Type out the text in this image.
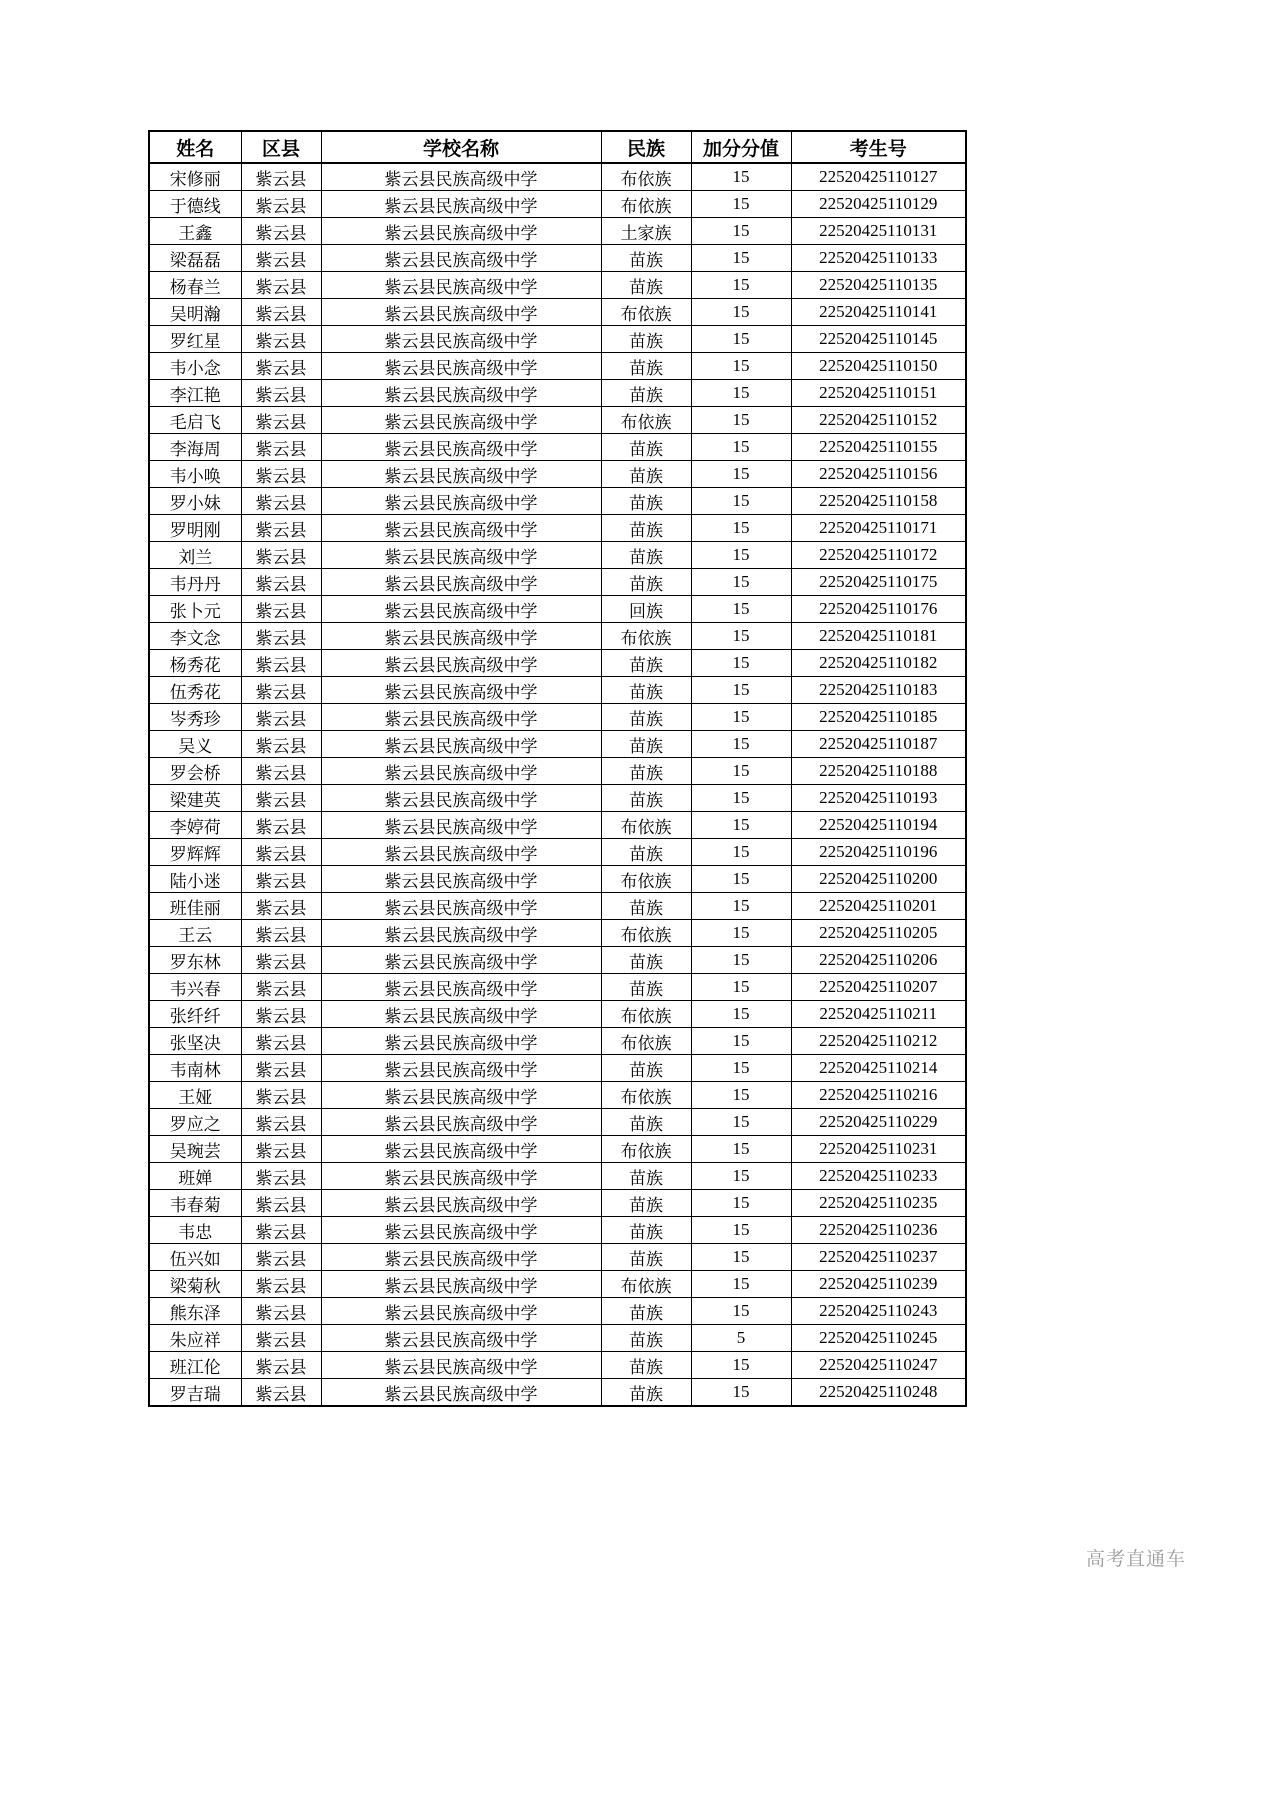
姓名	区县	学校名称	民族	加分分值	考生号
宋修丽	紫云县	紫云县民族高级中学	布依族	15	22520425110127
于德线	紫云县	紫云县民族高级中学	布依族	15	22520425110129
王鑫	紫云县	紫云县民族高级中学	土家族	15	22520425110131
梁磊磊	紫云县	紫云县民族高级中学	苗族	15	22520425110133
杨春兰	紫云县	紫云县民族高级中学	苗族	15	22520425110135
吴明瀚	紫云县	紫云县民族高级中学	布依族	15	22520425110141
罗红星	紫云县	紫云县民族高级中学	苗族	15	22520425110145
韦小念	紫云县	紫云县民族高级中学	苗族	15	22520425110150
李江艳	紫云县	紫云县民族高级中学	苗族	15	22520425110151
毛启飞	紫云县	紫云县民族高级中学	布依族	15	22520425110152
李海周	紫云县	紫云县民族高级中学	苗族	15	22520425110155
韦小唤	紫云县	紫云县民族高级中学	苗族	15	22520425110156
罗小妹	紫云县	紫云县民族高级中学	苗族	15	22520425110158
罗明刚	紫云县	紫云县民族高级中学	苗族	15	22520425110171
刘兰	紫云县	紫云县民族高级中学	苗族	15	22520425110172
韦丹丹	紫云县	紫云县民族高级中学	苗族	15	22520425110175
张卜元	紫云县	紫云县民族高级中学	回族	15	22520425110176
李文念	紫云县	紫云县民族高级中学	布依族	15	22520425110181
杨秀花	紫云县	紫云县民族高级中学	苗族	15	22520425110182
伍秀花	紫云县	紫云县民族高级中学	苗族	15	22520425110183
岑秀珍	紫云县	紫云县民族高级中学	苗族	15	22520425110185
吴义	紫云县	紫云县民族高级中学	苗族	15	22520425110187
罗会桥	紫云县	紫云县民族高级中学	苗族	15	22520425110188
梁建英	紫云县	紫云县民族高级中学	苗族	15	22520425110193
李婷荷	紫云县	紫云县民族高级中学	布依族	15	22520425110194
罗辉辉	紫云县	紫云县民族高级中学	苗族	15	22520425110196
陆小迷	紫云县	紫云县民族高级中学	布依族	15	22520425110200
班佳丽	紫云县	紫云县民族高级中学	苗族	15	22520425110201
王云	紫云县	紫云县民族高级中学	布依族	15	22520425110205
罗东林	紫云县	紫云县民族高级中学	苗族	15	22520425110206
韦兴春	紫云县	紫云县民族高级中学	苗族	15	22520425110207
张纤纤	紫云县	紫云县民族高级中学	布依族	15	22520425110211
张坚决	紫云县	紫云县民族高级中学	布依族	15	22520425110212
韦南林	紫云县	紫云县民族高级中学	苗族	15	22520425110214
王娅	紫云县	紫云县民族高级中学	布依族	15	22520425110216
罗应之	紫云县	紫云县民族高级中学	苗族	15	22520425110229
吴琬芸	紫云县	紫云县民族高级中学	布依族	15	22520425110231
班婵	紫云县	紫云县民族高级中学	苗族	15	22520425110233
韦春菊	紫云县	紫云县民族高级中学	苗族	15	22520425110235
韦忠	紫云县	紫云县民族高级中学	苗族	15	22520425110236
伍兴如	紫云县	紫云县民族高级中学	苗族	15	22520425110237
梁菊秋	紫云县	紫云县民族高级中学	布依族	15	22520425110239
熊东泽	紫云县	紫云县民族高级中学	苗族	15	22520425110243
朱应祥	紫云县	紫云县民族高级中学	苗族	5	22520425110245
班江伦	紫云县	紫云县民族高级中学	苗族	15	22520425110247
罗吉瑞	紫云县	紫云县民族高级中学	苗族	15	22520425110248
高考直通车
